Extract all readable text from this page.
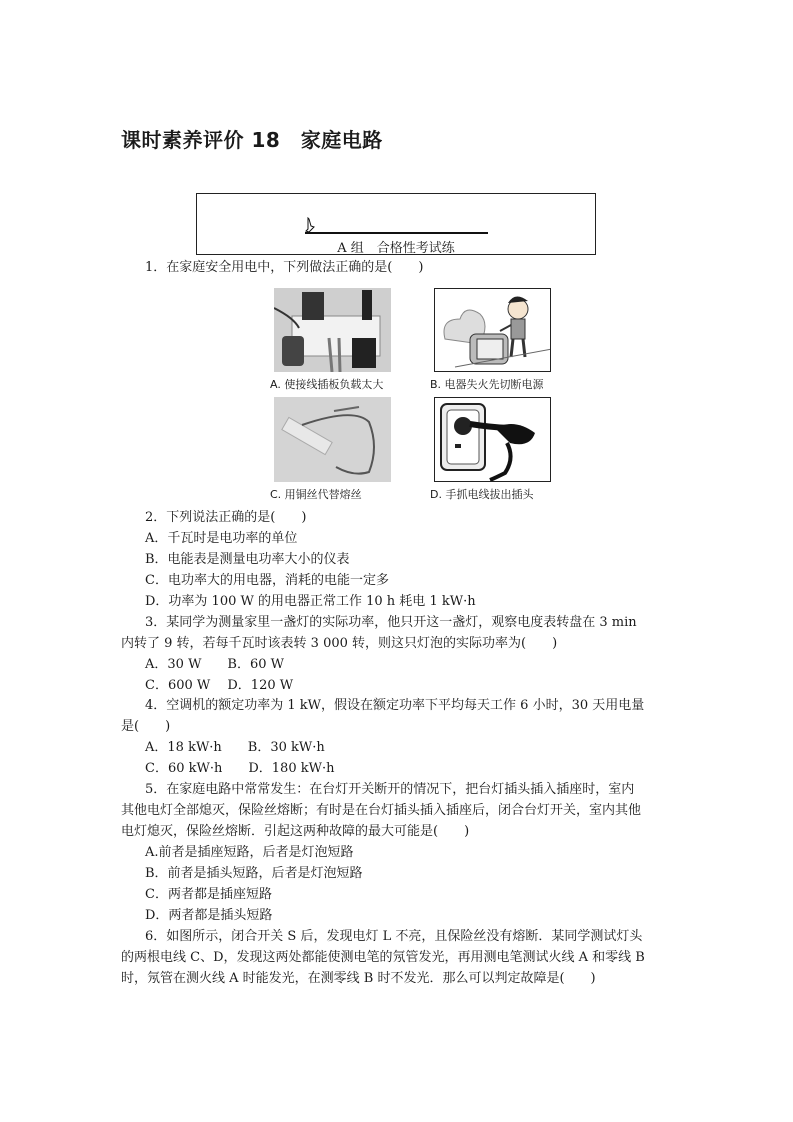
课时素养评价 18　家庭电路
A 组　合格性考试练
1．在家庭安全用电中，下列做法正确的是(　　)
A. 使接线插板负载太大	B. 电器失火先切断电源
C. 用铜丝代替熔丝	D. 手抓电线拔出插头
2．下列说法正确的是(　　)
A．千瓦时是电功率的单位
B．电能表是测量电功率大小的仪表
C．电功率大的用电器，消耗的电能一定多
D．功率为 100 W 的用电器正常工作 10 h 耗电 1 kW·h
3．某同学为测量家里一盏灯的实际功率，他只开这一盏灯，观察电度表转盘在 3 min
内转了 9 转，若每千瓦时该表转 3 000 转，则这只灯泡的实际功率为(　　)
A．30 W　　B．60 W
C．600 W　 D．120 W
4．空调机的额定功率为 1 kW，假设在额定功率下平均每天工作 6 小时，30 天用电量
是(　　)
A．18 kW·h　　B．30 kW·h
C．60 kW·h　　D．180 kW·h
5．在家庭电路中常常发生：在台灯开关断开的情况下，把台灯插头插入插座时，室内
其他电灯全部熄灭，保险丝熔断；有时是在台灯插头插入插座后，闭合台灯开关，室内其他
电灯熄灭，保险丝熔断．引起这两种故障的最大可能是(　　)
A.前者是插座短路，后者是灯泡短路
B．前者是插头短路，后者是灯泡短路
C．两者都是插座短路
D．两者都是插头短路
6．如图所示，闭合开关 S 后，发现电灯 L 不亮，且保险丝没有熔断．某同学测试灯头
的两根电线 C、D，发现这两处都能使测电笔的氖管发光，再用测电笔测试火线 A 和零线 B
时，氖管在测火线 A 时能发光，在测零线 B 时不发光．那么可以判定故障是(　　)
